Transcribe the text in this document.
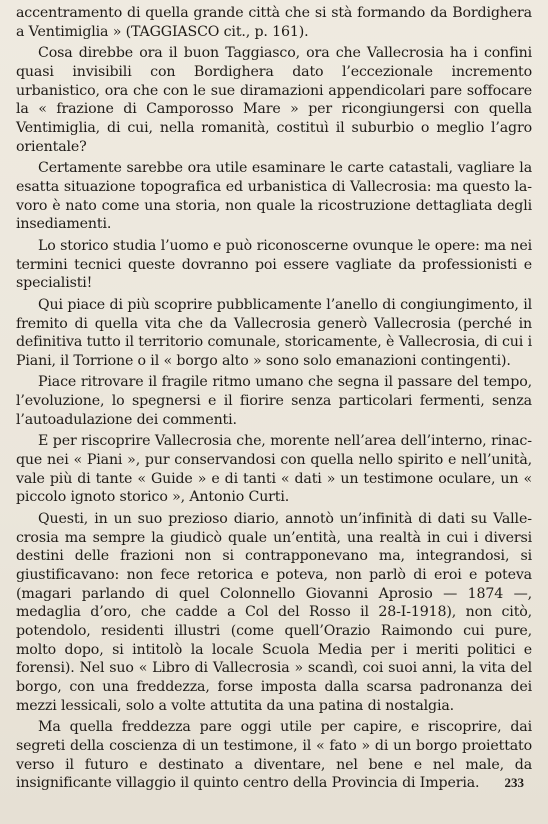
accentramento di quella grande città che si stà formando da Bordighera a Ventimiglia » (TAGGIASCO cit., p. 161).

Cosa direbbe ora il buon Taggiasco, ora che Vallecrosia ha i confini quasi invisibili con Bordighera dato l’eccezionale incremento urbanistico, ora che con le sue diramazioni appendicolari pare soffocare la « frazione di Camporosso Mare » per ricongiungersi con quella Ventimiglia, di cui, nella romanità, costituì il suburbio o meglio l’agro orientale?

Certamente sarebbe ora utile esaminare le carte catastali, vagliare la esatta situazione topografica ed urbanistica di Vallecrosia: ma questo lavoro è nato come una storia, non quale la ricostruzione dettagliata degli insediamenti.

Lo storico studia l’uomo e può riconoscerne ovunque le opere: ma nei termini tecnici queste dovranno poi essere vagliate da professionisti e specialisti!

Qui piace di più scoprire pubblicamente l’anello di congiungimento, il fremito di quella vita che da Vallecrosia generò Vallecrosia (perché in definitiva tutto il territorio comunale, storicamente, è Vallecrosia, di cui i Piani, il Torrione o il « borgo alto » sono solo emanazioni contingenti).

Piace ritrovare il fragile ritmo umano che segna il passare del tempo, l’evoluzione, lo spegnersi e il fiorire senza particolari fermenti, senza l’autoadulazione dei commenti.

E per riscoprire Vallecrosia che, morente nell’area dell’interno, rinacque nei « Piani », pur conservandosi con quella nello spirito e nell’unità, vale più di tante « Guide » e di tanti « dati » un testimone oculare, un « piccolo ignoto storico », Antonio Curti.

Questi, in un suo prezioso diario, annotò un’infinità di dati su Vallecrosia ma sempre la giudicò quale un’entità, una realtà in cui i diversi destini delle frazioni non si contrapponevano ma, integrandosi, si giustificavano: non fece retorica e poteva, non parlò di eroi e poteva (magari parlando di quel Colonnello Giovanni Aprosio — 1874 —, medaglia d’oro, che cadde a Col del Rosso il 28-I-1918), non citò, potendolo, residenti illustri (come quell’Orazio Raimondo cui pure, molto dopo, si intitolò la locale Scuola Media per i meriti politici e forensi). Nel suo « Libro di Vallecrosia » scandì, coi suoi anni, la vita del borgo, con una freddezza, forse imposta dalla scarsa padronanza dei mezzi lessicali, solo a volte attutita da una patina di nostalgia.

Ma quella freddezza pare oggi utile per capire, e riscoprire, dai segreti della coscienza di un testimone, il « fato » di un borgo proiettato verso il futuro e destinato a diventare, nel bene e nel male, da insignificante villaggio il quinto centro della Provincia di Imperia.	233
